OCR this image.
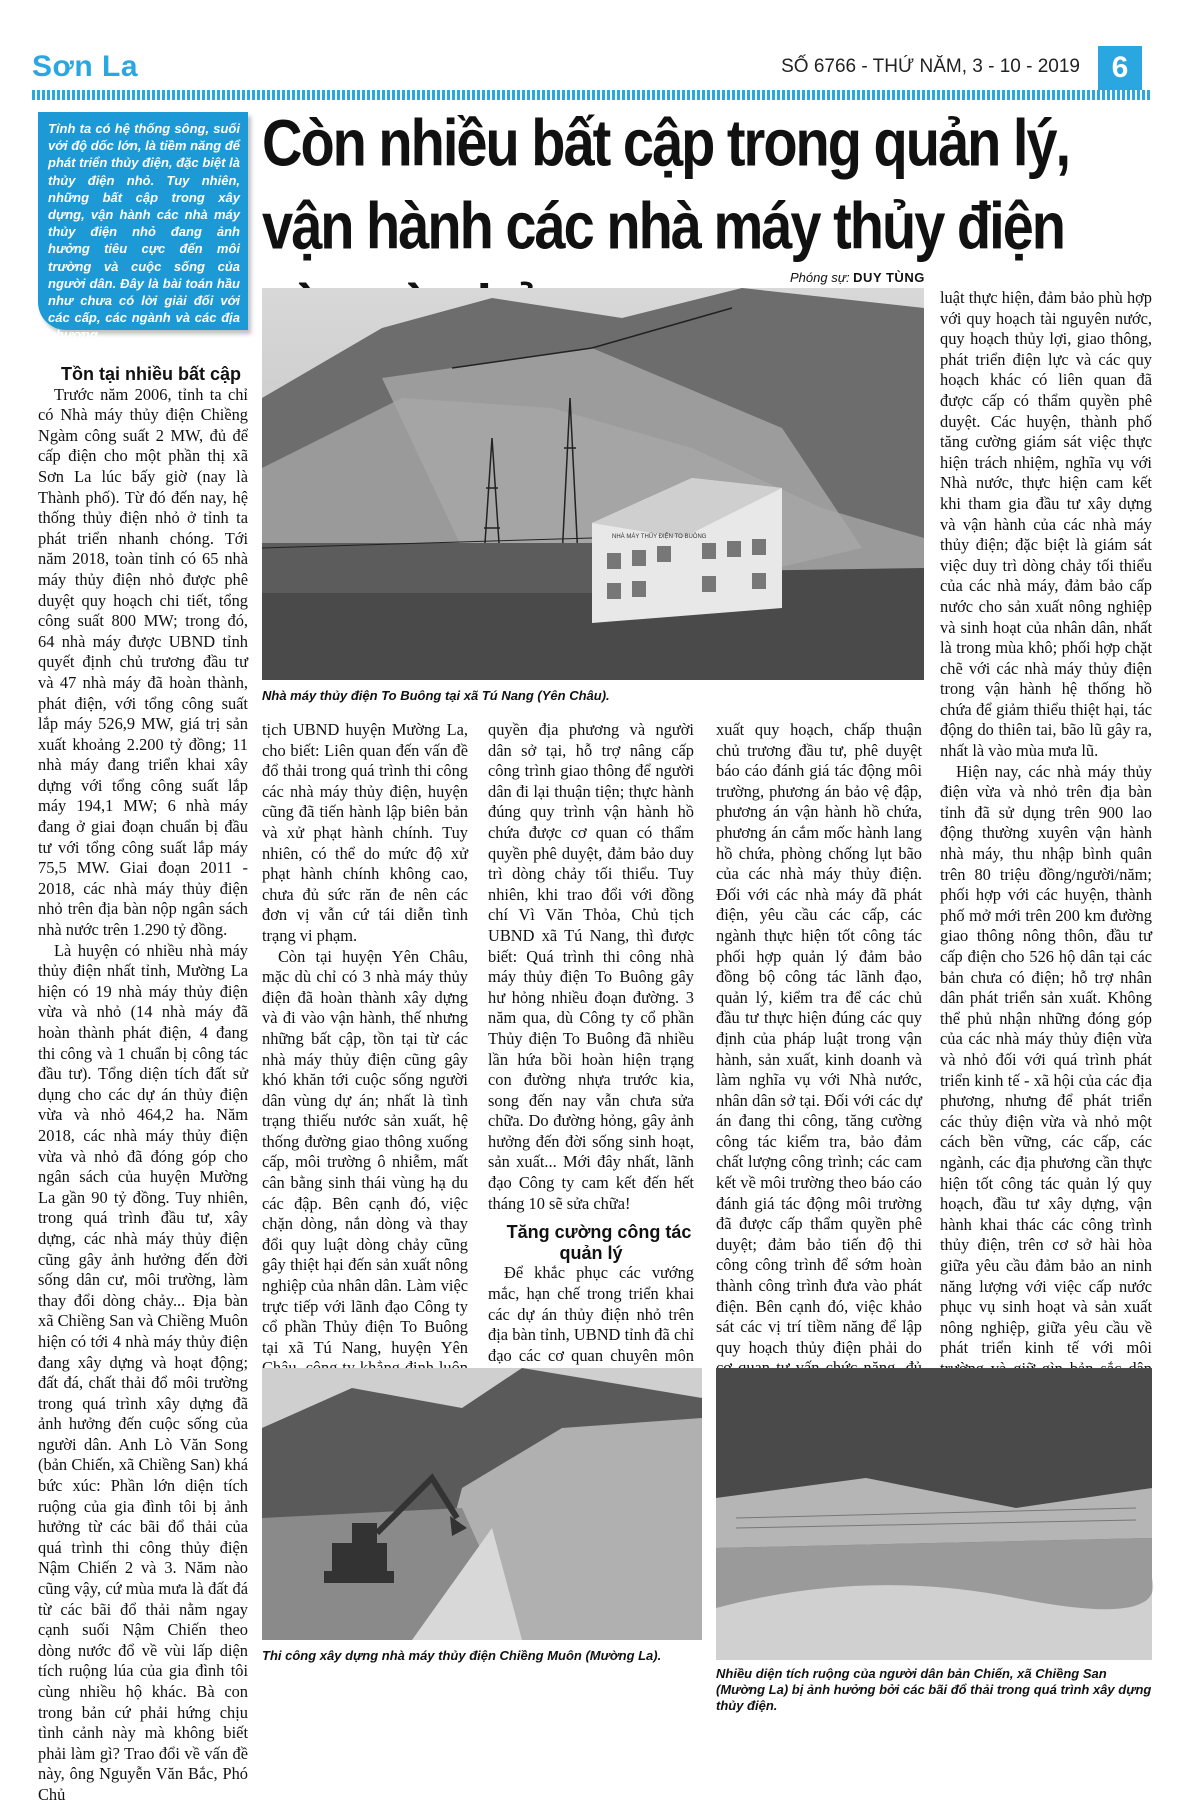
Sơn La	SỐ 6766 - THỨ NĂM, 3 - 10 - 2019	6
Tỉnh ta có hệ thống sông, suối với độ dốc lớn, là tiềm năng để phát triển thủy điện, đặc biệt là thủy điện nhỏ. Tuy nhiên, những bất cập trong xây dựng, vận hành các nhà máy thủy điện nhỏ đang ảnh hưởng tiêu cực đến môi trường và cuộc sống của người dân. Đây là bài toán hầu như chưa có lời giải đối với các cấp, các ngành và các địa phương.
Còn nhiều bất cập trong quản lý, vận hành các nhà máy thủy điện
Phóng sự: DUY TÙNG
NHÀ MÁY THỦY ĐIỆN TO BUÔNG
Nhà máy thủy điện To Buông tại xã Tú Nang (Yên Châu).

Tồn tại nhiều bất cập

Trước năm 2006, tỉnh ta chỉ có Nhà máy thủy điện Chiềng Ngàm công suất 2 MW, đủ để cấp điện cho một phần thị xã Sơn La lúc bấy giờ (nay là Thành phố). Từ đó đến nay, hệ thống thủy điện nhỏ ở tỉnh ta phát triển nhanh chóng. Tới năm 2018, toàn tỉnh có 65 nhà máy thủy điện nhỏ được phê duyệt quy hoạch chi tiết, tổng công suất 800 MW; trong đó, 64 nhà máy được UBND tỉnh quyết định chủ trương đầu tư và 47 nhà máy đã hoàn thành, phát điện, với tổng công suất lắp máy 526,9 MW, giá trị sản xuất khoảng 2.200 tỷ đồng; 11 nhà máy đang triển khai xây dựng với tổng công suất lắp máy 194,1 MW; 6 nhà máy đang ở giai đoạn chuẩn bị đầu tư với tổng công suất lắp máy 75,5 MW. Giai đoạn 2011 - 2018, các nhà máy thủy điện nhỏ trên địa bàn nộp ngân sách nhà nước trên 1.290 tỷ đồng.

Là huyện có nhiều nhà máy thủy điện nhất tỉnh, Mường La hiện có 19 nhà máy thủy điện vừa và nhỏ (14 nhà máy đã hoàn thành phát điện, 4 đang thi công và 1 chuẩn bị công tác đầu tư). Tổng diện tích đất sử dụng cho các dự án thủy điện vừa và nhỏ 464,2 ha. Năm 2018, các nhà máy thủy điện vừa và nhỏ đã đóng góp cho ngân sách của huyện Mường La gần 90 tỷ đồng. Tuy nhiên, trong quá trình đầu tư, xây dựng, các nhà máy thủy điện cũng gây ảnh hưởng đến đời sống dân cư, môi trường, làm thay đổi dòng chảy... Địa bàn xã Chiềng San và Chiềng Muôn hiện có tới 4 nhà máy thủy điện đang xây dựng và hoạt động; đất đá, chất thải đổ môi trường trong quá trình xây dựng đã ảnh hưởng đến cuộc sống của người dân. Anh Lò Văn Song (bản Chiến, xã Chiềng San) khá bức xúc: Phần lớn diện tích ruộng của gia đình tôi bị ảnh hưởng từ các bãi đổ thải của quá trình thi công thủy điện Nậm Chiến 2 và 3. Năm nào cũng vậy, cứ mùa mưa là đất đá từ các bãi đổ thải nằm ngay cạnh suối Nậm Chiến theo dòng nước đổ về vùi lấp diện tích ruộng lúa của gia đình tôi cùng nhiều hộ khác. Bà con trong bản cứ phải hứng chịu tình cảnh này mà không biết phải làm gì? Trao đổi về vấn đề này, ông Nguyễn Văn Bắc, Phó Chủ

tịch UBND huyện Mường La, cho biết: Liên quan đến vấn đề đổ thải trong quá trình thi công các nhà máy thủy điện, huyện cũng đã tiến hành lập biên bản và xử phạt hành chính. Tuy nhiên, có thể do mức độ xử phạt hành chính không cao, chưa đủ sức răn đe nên các đơn vị vẫn cứ tái diễn tình trạng vi phạm.

Còn tại huyện Yên Châu, mặc dù chỉ có 3 nhà máy thủy điện đã hoàn thành xây dựng và đi vào vận hành, thế nhưng những bất cập, tồn tại từ các nhà máy thủy điện cũng gây khó khăn tới cuộc sống người dân vùng dự án; nhất là tình trạng thiếu nước sản xuất, hệ thống đường giao thông xuống cấp, môi trường ô nhiễm, mất cân bằng sinh thái vùng hạ du các đập. Bên cạnh đó, việc chặn dòng, nắn dòng và thay đổi quy luật dòng chảy cũng gây thiệt hại đến sản xuất nông nghiệp của nhân dân. Làm việc trực tiếp với lãnh đạo Công ty cổ phần Thủy điện To Buông tại xã Tú Nang, huyện Yên

quyền địa phương và người dân sở tại, hỗ trợ nâng cấp công trình giao thông để người dân đi lại thuận tiện; thực hành đúng quy trình vận hành hồ chứa được cơ quan có thẩm quyền phê duyệt, đảm bảo duy trì dòng chảy tối thiểu. Tuy nhiên, khi trao đổi với đồng chí Vì Văn Thỏa, Chủ tịch UBND xã Tú Nang, thì được biết: Quá trình thi công nhà máy thủy điện To Buông gây hư hỏng nhiều đoạn đường. 3 năm qua, dù Công ty cổ phần Thủy điện To Buông đã nhiều lần hứa bồi hoàn hiện trạng con đường nhựa trước kia, song đến nay vẫn chưa sửa chữa. Do đường hỏng, gây ảnh hưởng đến đời sống sinh hoạt, sản xuất... Mới đây nhất, lãnh đạo Công ty cam kết đến hết tháng 10 sẽ sửa chữa!

Tăng cường công tác quản lý

Để khắc phục các vướng mắc, hạn chế trong triển khai các dự án thủy điện nhỏ trên địa bàn tỉnh, UBND tỉnh đã chỉ đạo các cơ quan chuyên môn

xuất quy hoạch, chấp thuận chủ trương đầu tư, phê duyệt báo cáo đánh giá tác động môi trường, phương án bảo vệ đập, phương án vận hành hồ chứa, phương án cắm mốc hành lang hồ chứa, phòng chống lụt bão của các nhà máy thủy điện. Đối với các nhà máy đã phát điện, yêu cầu các cấp, các ngành thực hiện tốt công tác phối hợp quản lý đảm bảo đồng bộ công tác lãnh đạo, quản lý, kiểm tra để các chủ đầu tư thực hiện đúng các quy định của pháp luật trong vận hành, sản xuất, kinh doanh và làm nghĩa vụ với Nhà nước, nhân dân sở tại. Đối với các dự án đang thi công, tăng cường công tác kiểm tra, bảo đảm chất lượng công trình; các cam kết về môi trường theo báo cáo đánh giá tác động môi trường đã được cấp thẩm quyền phê duyệt; đảm bảo tiến độ thi công công trình để sớm hoàn thành công trình đưa vào phát điện. Bên cạnh đó, việc khảo sát các vị trí tiềm năng để lập quy hoạch thủy điện phải do

luật thực hiện, đảm bảo phù hợp với quy hoạch tài nguyên nước, quy hoạch thủy lợi, giao thông, phát triển điện lực và các quy hoạch khác có liên quan đã được cấp có thẩm quyền phê duyệt. Các huyện, thành phố tăng cường giám sát việc thực hiện trách nhiệm, nghĩa vụ với Nhà nước, thực hiện cam kết khi tham gia đầu tư xây dựng và vận hành của các nhà máy thủy điện; đặc biệt là giám sát việc duy trì dòng chảy tối thiểu của các nhà máy, đảm bảo cấp nước cho sản xuất nông nghiệp và sinh hoạt của nhân dân, nhất là trong mùa khô; phối hợp chặt chẽ với các nhà máy thủy điện trong vận hành hệ thống hồ chứa để giảm thiểu thiệt hại, tác động do thiên tai, bão lũ gây ra, nhất là vào mùa mưa lũ.

Hiện nay, các nhà máy thủy điện vừa và nhỏ trên địa bàn tỉnh đã sử dụng trên 900 lao động thường xuyên vận hành nhà máy, thu nhập bình quân trên 80 triệu đồng/người/năm; phối hợp với các huyện, thành phố mở mới trên 200 km đường giao thông nông thôn, đầu tư cấp điện cho 526 hộ dân tại các bản chưa có điện; hỗ trợ nhân dân phát triển sản xuất. Không thể phủ nhận những đóng góp của các nhà máy thủy điện vừa và nhỏ đối với quá trình phát triển kinh tế - xã hội của các địa phương, nhưng để phát triển các thủy điện vừa và nhỏ một cách bền vững, các cấp, các ngành, các địa phương cần thực hiện tốt công tác quản lý quy hoạch, đầu tư xây dựng, vận hành khai thác các công trình thủy điện, trên cơ sở hài hòa giữa yêu cầu đảm bảo an ninh năng lượng với việc cấp nước phục vụ sinh hoạt và sản xuất nông nghiệp, giữa yêu cầu về phát triển kinh tế với môi

Thi công xây dựng nhà máy thủy điện Chiềng Muôn (Mường La).
Nhiều diện tích ruộng của người dân bản Chiến, xã Chiềng San (Mường La) bị ảnh hưởng bởi các bãi đổ thải trong quá trình xây dựng thủy điện.
